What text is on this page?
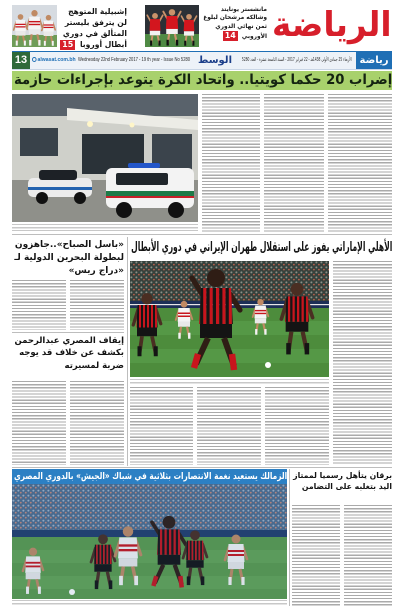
إشبيلية المتوهج لن يترفق بليستر المتألق في دوري أبطال أوروبا 15
مانشستر يونايتد وشالكه مرشحان لبلوغ ثمن نهائي الدوري الأوروبي 14	الرياضة
رياضة
الأربعاء 25 جمادى الأولى 1438هـ - 22 فبراير 2017 - السنة التاسعة عشرة - العدد 5280
الوسط
Wednesday 22nd February 2017 - 19 th year - Issue No 5280
alwasat.com.bh
13
إضراب 20 حكما كويتيا.. واتحاد الكرة يتوعد بإجراءات حازمة
الأهلي الإماراتي يفوز على استقلال طهران الإيراني في دوري الأبطال
«باسل الصباح»..جاهزون لبطولة البحرين الدولية لـ «دراج ريس»
إيقاف المصري عبدالرحمن بكشف عن خلاف قد يوجه ضربة لمسيرته
الزمالك يستعيد نغمة الانتصارات بثلاثية في شباك «الجيش» بالدوري المصري برقان يتأهل رسميا لممتاز اليد بتغلبه على التضامن
